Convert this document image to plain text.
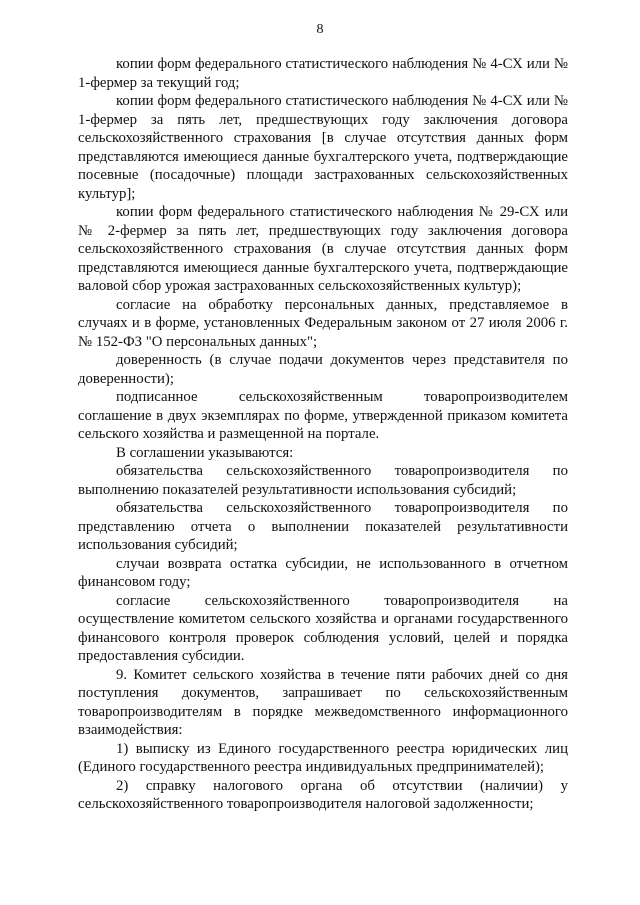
8

копии форм федерального статистического наблюдения № 4-СХ или № 1-фермер за текущий год;

копии форм федерального статистического наблюдения № 4-СХ или № 1-фермер за пять лет, предшествующих году заключения договора сельскохозяйственного страхования [в случае отсутствия данных форм представляются имеющиеся данные бухгалтерского учета, подтверждающие посевные (посадочные) площади застрахованных сельскохозяйственных культур];

копии форм федерального статистического наблюдения № 29-СХ или № 2-фермер за пять лет, предшествующих году заключения договора сельскохозяйственного страхования (в случае отсутствия данных форм представляются имеющиеся данные бухгалтерского учета, подтверждающие валовой сбор урожая застрахованных сельскохозяйственных культур);

согласие на обработку персональных данных, представляемое в случаях и в форме, установленных Федеральным законом от 27 июля 2006 г. № 152-ФЗ "О персональных данных";

доверенность (в случае подачи документов через представителя по доверенности);

подписанное сельскохозяйственным товаропроизводителем соглашение в двух экземплярах по форме, утвержденной приказом комитета сельского хозяйства и размещенной на портале.

В соглашении указываются:

обязательства сельскохозяйственного товаропроизводителя по выполнению показателей результативности использования субсидий;

обязательства сельскохозяйственного товаропроизводителя по представлению отчета о выполнении показателей результативности использования субсидий;

случаи возврата остатка субсидии, не использованного в отчетном финансовом году;

согласие сельскохозяйственного товаропроизводителя на осуществление комитетом сельского хозяйства и органами государственного финансового контроля проверок соблюдения условий, целей и порядка предоставления субсидии.

9. Комитет сельского хозяйства в течение пяти рабочих дней со дня поступления документов, запрашивает по сельскохозяйственным товаропроизводителям в порядке межведомственного информационного взаимодействия:

1) выписку из Единого государственного реестра юридических лиц (Единого государственного реестра индивидуальных предпринимателей);

2) справку налогового органа об отсутствии (наличии) у сельскохозяйственного товаропроизводителя налоговой задолженности;
